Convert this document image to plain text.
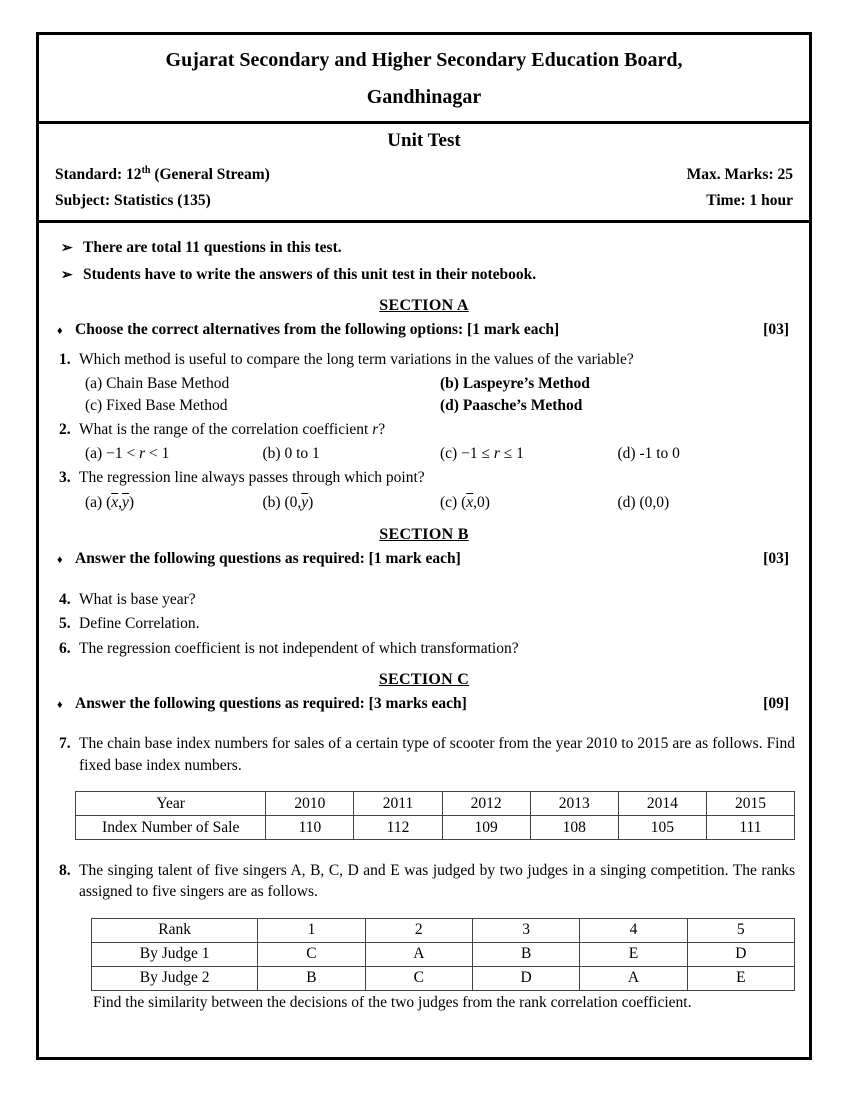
Gujarat Secondary and Higher Secondary Education Board,
Gandhinagar
Unit Test
Standard: 12th (General Stream)	Max. Marks: 25
Subject: Statistics (135)	Time: 1 hour
➢ There are total 11 questions in this test.
➢ Students have to write the answers of this unit test in their notebook.
SECTION A
♦ Choose the correct alternatives from the following options: [1 mark each]	[03]
1. Which method is useful to compare the long term variations in the values of the variable?
(a) Chain Base Method	(b) Laspeyre’s Method
(c) Fixed Base Method	(d) Paasche’s Method
2. What is the range of the correlation coefficient r?
(a) −1 < r < 1	(b) 0 to 1	(c) −1 ≤ r ≤ 1	(d) -1 to 0
3. The regression line always passes through which point?
(a) $(\overline{x},\overline{y})$	(b) $(0,\overline{y})$	(c) $(\overline{x},0)$	(d) (0,0)
SECTION B
♦ Answer the following questions as required: [1 mark each]	[03]
4. What is base year?
5. Define Correlation.
6. The regression coefficient is not independent of which transformation?
SECTION C
♦ Answer the following questions as required: [3 marks each]	[09]
7. The chain base index numbers for sales of a certain type of scooter from the year 2010 to 2015 are as follows. Find fixed base index numbers.
Year	2010	2011	2012	2013	2014	2015
Index Number of Sale	110	112	109	108	105	111
8. The singing talent of five singers A, B, C, D and E was judged by two judges in a singing competition. The ranks assigned to five singers are as follows.
Rank	1	2	3	4	5
By Judge 1	C	A	B	E	D
By Judge 2	B	C	D	A	E
Find the similarity between the decisions of the two judges from the rank correlation coefficient.
